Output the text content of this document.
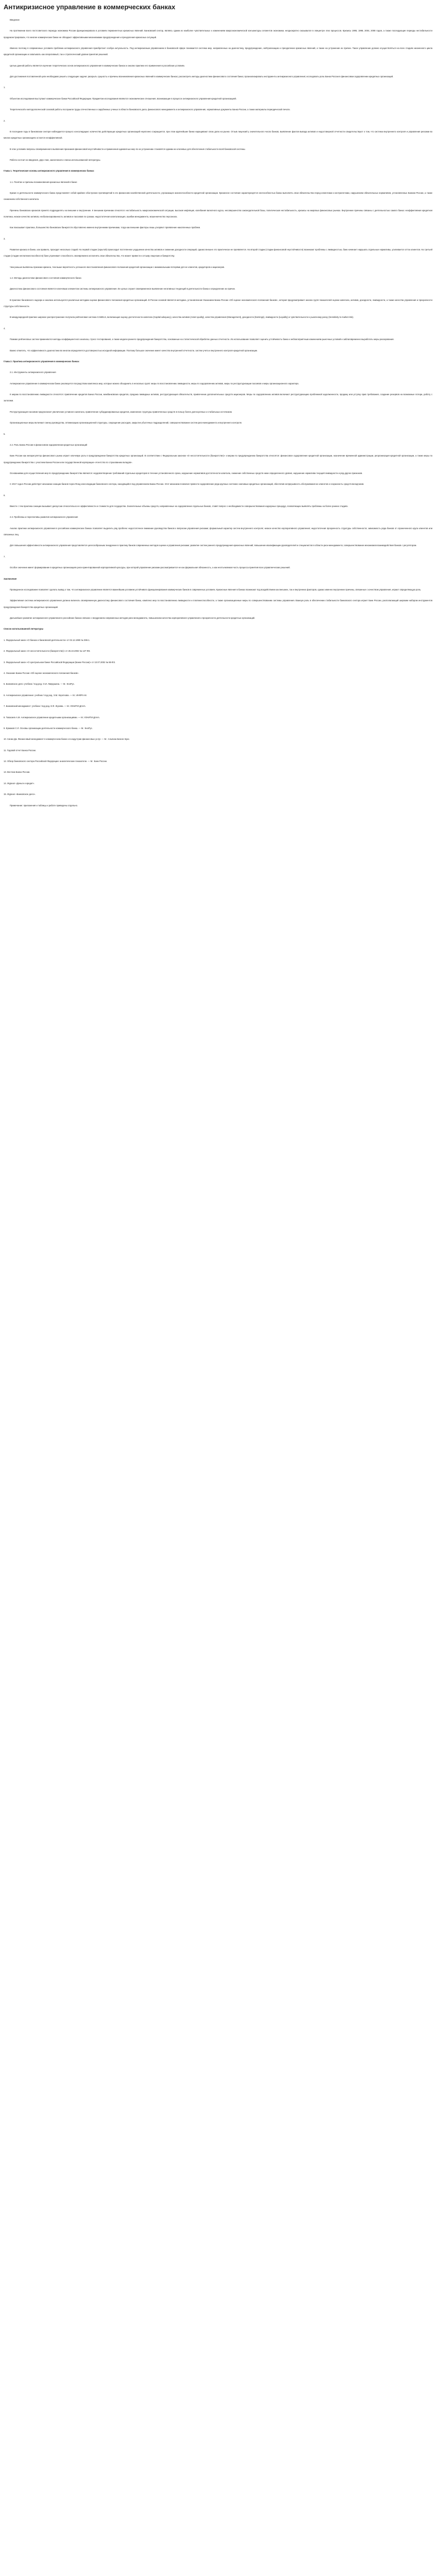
Антикризисное управление в коммерческих банках
Введение
На протяжении всего постсоветского периода экономика России функционировала в условиях перманентных кризисных явлений. Банковский сектор, являясь одним из наиболее чувствительных к изменениям макроэкономической конъюнктуры сегментов экономики, неоднократно оказывался в эпицентре этих процессов. Кризисы 1995, 1998, 2004, 2008 годов, а также последующие периоды нестабильности продемонстрировали, что многие коммерческие банки не обладают эффективными механизмами предупреждения и преодоления кризисных ситуаций.
Именно поэтому в современных условиях проблема антикризисного управления приобретает особую актуальность. Под антикризисным управлением в банковской сфере понимается система мер, направленных на диагностику, предупреждение, нейтрализацию и преодоление кризисных явлений, а также на устранение их причин. Такое управление должно осуществляться на всех стадиях жизненного цикла кредитной организации и охватывать как оперативный, так и стратегический уровни принятия решений.
Целью данной работы является изучение теоретических основ антикризисного управления в коммерческих банках и анализ практики его применения в российских условиях.
Для достижения поставленной цели необходимо решить следующие задачи: раскрыть сущность и причины возникновения кризисных явлений в коммерческих банках; рассмотреть методы диагностики финансового состояния банка; проанализировать инструменты антикризисного управления; исследовать роль Банка России в финансовом оздоровлении кредитных организаций.
1.
Объектом исследования выступают коммерческие банки Российской Федерации. Предметом исследования являются экономические отношения, возникающие в процессе антикризисного управления кредитной организацией.
Теоретической и методологической основой работы послужили труды отечественных и зарубежных ученых в области банковского дела, финансового менеджмента и антикризисного управления, нормативные документы Банка России, а также материалы периодической печати.
2.
В последние годы в банковском секторе наблюдается процесс консолидации: количество действующих кредитных организаций неуклонно сокращается, при этом крупнейшие банки наращивают свою долю на рынке. Отзыв лицензий у значительного числа банков, выявление фактов вывода активов и недостоверной отчетности свидетельствуют о том, что система внутреннего контроля и управления рисками во многих кредитных организациях остается неэффективной.
В этих условиях вопросы своевременного выявления признаков финансовой неустойчивости и применения адекватных мер по их устранению становятся одними из ключевых для обеспечения стабильности всей банковской системы.
Работа состоит из введения, двух глав, заключения и списка использованной литературы.
Глава 1. Теоретические основы антикризисного управления в коммерческих банках
1.1. Понятие и причины возникновения кризисных явлений в банке
Кризис в деятельности коммерческого банка представляет собой крайнее обострение противоречий в его финансово-хозяйственной деятельности, угрожающее жизнеспособности кредитной организации. Кризисное состояние характеризуется неспособностью банка выполнять свои обязательства перед клиентами и контрагентами, нарушением обязательных нормативов, установленных Банком России, а также снижением собственного капитала.
Причины банковских кризисов принято подразделять на внешние и внутренние. К внешним причинам относятся: нестабильность макроэкономической ситуации, высокая инфляция, колебания валютного курса, несовершенство законодательной базы, политическая нестабильность, кризисы на мировых финансовых рынках. Внутренние причины связаны с деятельностью самого банка: неэффективная кредитная политика, низкое качество активов, несбалансированность активов и пассивов по срокам, недостаточная капитализация, ошибки менеджмента, мошенничество персонала.
Как показывает практика, большинство банковских банкротств обусловлено именно внутренними причинами, тогда как внешние факторы лишь ускоряют проявление накопленных проблем.
3.
Развитие кризиса в банке, как правило, проходит несколько стадий. На первой стадии (скрытой) происходит постепенное ухудшение качества активов и снижение доходности операций, однако внешне это практически не проявляется. На второй стадии (стадии финансовой неустойчивости) возникают проблемы с ликвидностью, банк начинает нарушать отдельные нормативы, усиливается отток клиентов. На третьей стадии (стадии неплатежеспособности) банк утрачивает способность своевременно исполнять свои обязательства, что может привести к отзыву лицензии и банкротству.
Чем раньше выявлены признаки кризиса, тем выше вероятность успешного восстановления финансового положения кредитной организации с минимальными потерями для ее клиентов, кредиторов и акционеров.
1.2. Методы диагностики финансового состояния коммерческого банка
Диагностика финансового состояния является ключевым элементом системы антикризисного управления. Ее целью служит своевременное выявление негативных тенденций в деятельности банка и определение их причин.
В практике банковского надзора и анализа используются различные методики оценки финансового положения кредитных организаций. В России основой является методика, установленная Указанием Банка России «Об оценке экономического положения банков», которая предусматривает анализ групп показателей оценки капитала, активов, доходности, ликвидности, а также качества управления и прозрачности структуры собственности.
В международной практике широкое распространение получила рейтинговая система CAMELS, включающая оценку достаточности капитала (Capital adequacy), качества активов (Asset quality), качества управления (Management), доходности (Earnings), ликвидности (Liquidity) и чувствительности к рыночному риску (Sensitivity to market risk).
4.
Помимо рейтинговых систем применяются методы коэффициентного анализа, стресс-тестирования, а также модели раннего предупреждения банкротства, основанные на статистической обработке данных отчетности. Их использование позволяет оценить устойчивость банка к неблагоприятным изменениям рыночных условий и заблаговременно выработать меры реагирования.
Важно отметить, что эффективность диагностики во многом определяется достоверностью исходной информации. Поэтому большое значение имеет качество внутренней отчетности, систем учета и внутреннего контроля кредитной организации.
Глава 2. Практика антикризисного управления в коммерческих банках
2.1. Инструменты антикризисного управления
Антикризисное управление в коммерческом банке реализуется посредством комплекса мер, которые можно объединить в несколько групп: меры по восстановлению ликвидности, меры по оздоровлению активов, меры по реструктуризации пассивов и меры организационного характера.
К мерам по восстановлению ликвидности относятся: привлечение кредитов Банка России, межбанковских кредитов, продажа ликвидных активов, реструктуризация обязательств, привлечение дополнительных средств акционеров. Меры по оздоровлению активов включают реструктуризацию проблемной задолженности, продажу или уступку прав требования, создание резервов на возможные потери, работу с залогами.
Реструктуризация пассивов предполагает увеличение уставного капитала, привлечение субординированных кредитов, изменение структуры привлеченных средств в пользу более долгосрочных и стабильных источников.
Организационные меры включают смену руководства, оптимизацию организационной структуры, сокращение расходов, закрытие убыточных подразделений, совершенствование систем риск-менеджмента и внутреннего контроля.
5.
2.2. Роль Банка России в финансовом оздоровлении кредитных организаций
Банк России как мегарегулятор финансового рынка играет ключевую роль в предупреждении банкротства кредитных организаций. В соответствии с Федеральным законом «О несостоятельности (банкротстве)» к мерам по предупреждению банкротства относятся: финансовое оздоровление кредитной организации, назначение временной администрации, реорганизация кредитной организации, а также меры по предупреждению банкротства с участием Банка России или государственной корпорации «Агентство по страхованию вкладов».
Основаниями для осуществления мер по предупреждению банкротства являются: неудовлетворение требований отдельных кредиторов в течение установленного срока, нарушение нормативов достаточности капитала, снижение собственных средств ниже определенного уровня, нарушение норматива текущей ликвидности и ряд других признаков.
С 2017 года в России действует механизм санации банков через Фонд консолидации банковского сектора, находящийся под управлением Банка России. Этот механизм позволил провести оздоровление ряда крупных системно значимых кредитных организаций, обеспечив непрерывность обслуживания их клиентов и сохранность средств вкладчиков.
6.
Вместе с тем практика санации вызывает дискуссии относительно ее эффективности и стоимости для государства. Значительные объемы средств, направленные на оздоровление отдельных банков, ставят вопрос о необходимости совершенствования надзорных процедур, позволяющих выявлять проблемы на более ранних стадиях.
2.3. Проблемы и перспективы развития антикризисного управления
Анализ практики антикризисного управления в российских коммерческих банках позволяет выделить ряд проблем: недостаточное внимание руководства банков к вопросам управления рисками; формальный характер систем внутреннего контроля; низкое качество корпоративного управления; недостаточная прозрачность структуры собственности; зависимость ряда банков от ограниченного круга клиентов или связанных лиц.
Для повышения эффективности антикризисного управления представляется целесообразным: внедрение в практику банков современных методов оценки и управления рисками; развитие систем раннего предупреждения кризисных явлений; повышение квалификации руководителей и специалистов в области риск-менеджмента; совершенствование механизмов взаимодействия банков с регулятором.
7.
Особое значение имеет формирование в кредитных организациях риск-ориентированной корпоративной культуры, при которой управление рисками рассматривается не как формальная обязанность, а как неотъемлемая часть процесса принятия всех управленческих решений.
Заключение
Проведенное исследование позволяет сделать вывод о том, что антикризисное управление является важнейшим условием устойчивого функционирования коммерческих банков в современных условиях. Кризисные явления в банках возникают под воздействием как внешних, так и внутренних факторов, однако именно внутренние причины, связанные с качеством управления, играют определяющую роль.
Эффективная система антикризисного управления должна включать своевременную диагностику финансового состояния банка, комплекс мер по восстановлению ликвидности и платежеспособности, а также организационные меры по совершенствованию системы управления. Важную роль в обеспечении стабильности банковского сектора играет Банк России, располагающий широким набором инструментов предупреждения банкротства кредитных организаций.
Дальнейшее развитие антикризисного управления в российских банках связано с внедрением современных методов риск-менеджмента, повышением качества корпоративного управления и прозрачности деятельности кредитных организаций.
Список использованной литературы
1. Федеральный закон «О банках и банковской деятельности» от 02.12.1990 № 395-1.
2. Федеральный закон «О несостоятельности (банкротстве)» от 26.10.2002 № 127-ФЗ.
3. Федеральный закон «О Центральном банке Российской Федерации (Банке России)» от 10.07.2002 № 86-ФЗ.
4. Указание Банка России «Об оценке экономического положения банков».
5. Банковское дело: учебник / под ред. О.И. Лаврушина. — М.: КноРус.
6. Антикризисное управление: учебник / под ред. Э.М. Короткова. — М.: ИНФРА-М.
7. Банковский менеджмент: учебник / под ред. Е.Ф. Жукова. — М.: ЮНИТИ-ДАНА.
8. Тавасиев А.М. Антикризисное управление кредитными организациями. — М.: ЮНИТИ-ДАНА.
9. Ермаков С.Л. Основы организации деятельности коммерческого банка. — М.: КноРус.
10. Синки Дж. Финансовый менеджмент в коммерческом банке и в индустрии финансовых услуг. — М.: Альпина Бизнес Букс.
11. Годовой отчет Банка России.
12. Обзор банковского сектора Российской Федерации: аналитические показатели. — М.: Банк России.
13. Вестник Банка России.
14. Журнал «Деньги и кредит».
15. Журнал «Банковское дело».
Примечание: приложения и таблицы к работе приведены отдельно.
